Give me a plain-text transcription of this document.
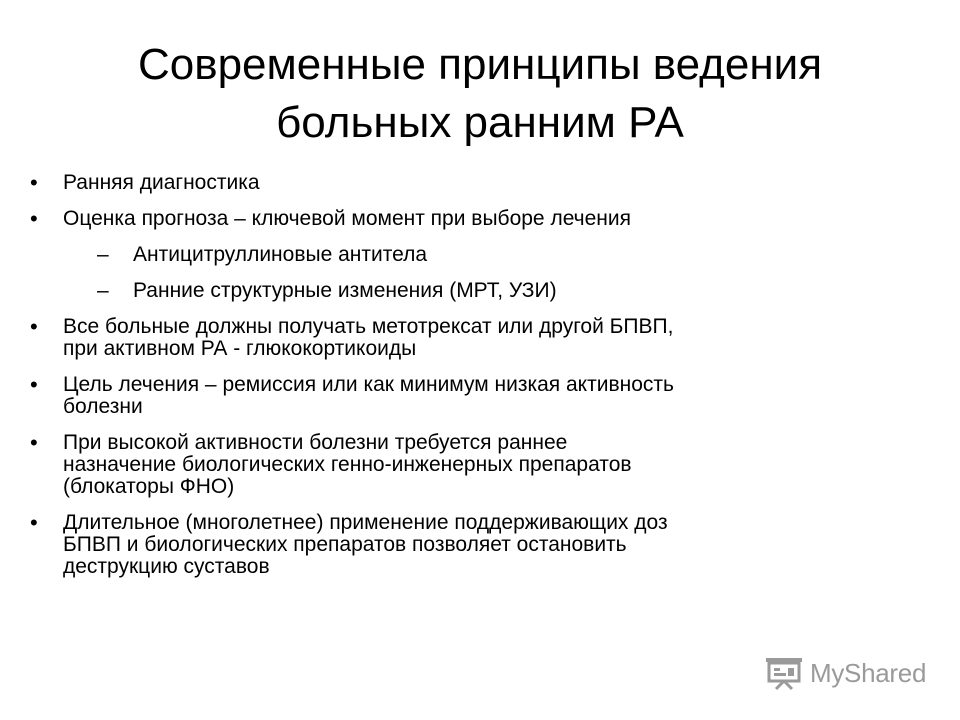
Современные принципы ведения
больных ранним РА
• Ранняя диагностика
• Оценка прогноза – ключевой момент при выборе лечения
– Антицитруллиновые антитела
– Ранние структурные изменения (МРТ, УЗИ)
• Все больные должны получать метотрексат или другой БПВП,
при активном РА - глюкокортикоиды
• Цель лечения – ремиссия или как минимум низкая активность
болезни
• При высокой активности болезни требуется раннее
назначение биологических генно-инженерных препаратов
(блокаторы ФНО)
• Длительное (многолетнее) применение поддерживающих доз
БПВП и биологических препаратов позволяет остановить
деструкцию суставов
MyShared
